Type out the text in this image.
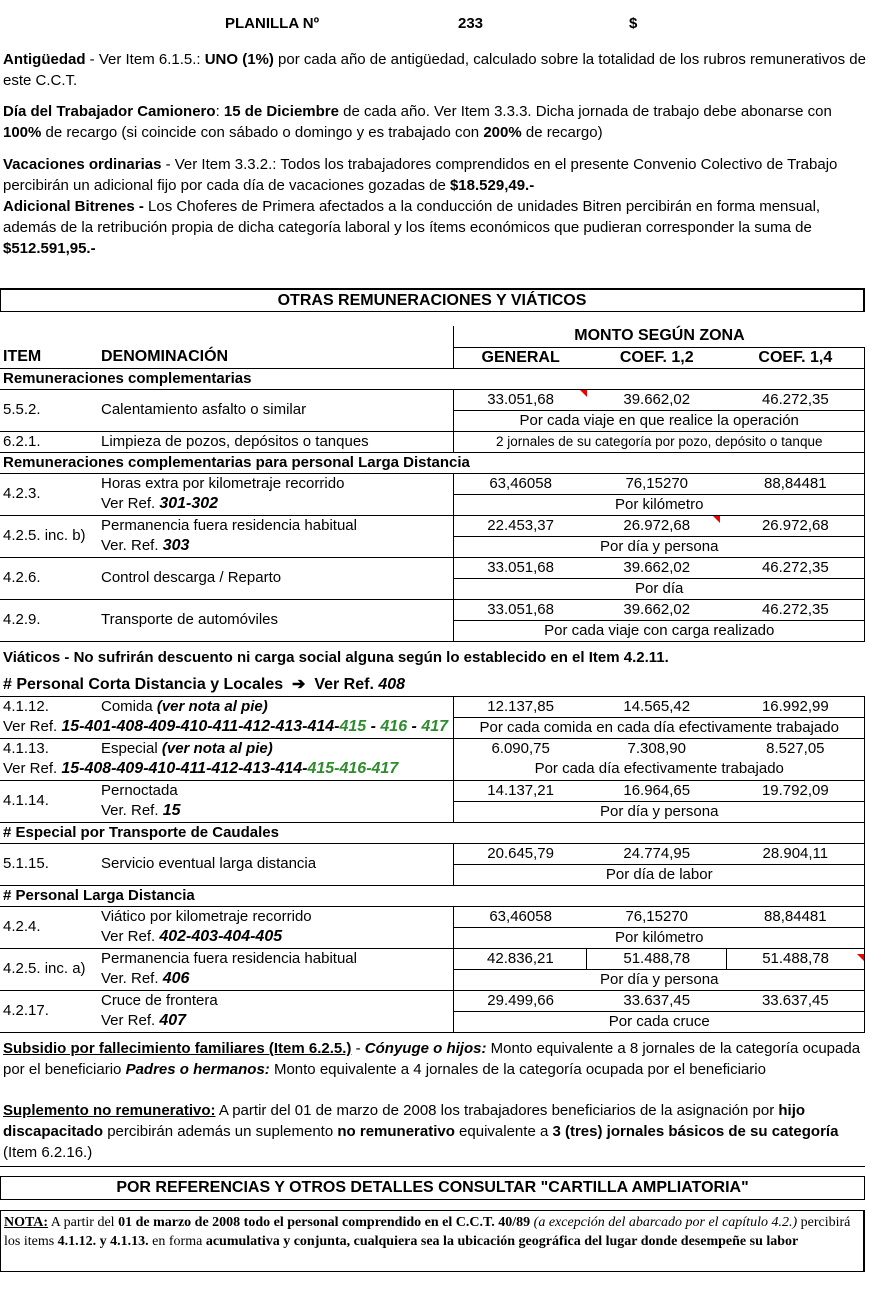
PLANILLA Nº	233	$
Antigüedad - Ver Item 6.1.5.: UNO (1%) por cada año de antigüedad, calculado sobre la totalidad de los rubros remunerativos de este C.C.T.
Día del Trabajador Camionero: 15 de Diciembre de cada año. Ver Item 3.3.3. Dicha jornada de trabajo debe abonarse con 100% de recargo (si coincide con sábado o domingo y es trabajado con 200% de recargo)
Vacaciones ordinarias - Ver Item 3.3.2.: Todos los trabajadores comprendidos en el presente Convenio Colectivo de Trabajo percibirán un adicional fijo por cada día de vacaciones gozadas de $18.529,49.-
Adicional Bitrenes - Los Choferes de Primera afectados a la conducción de unidades Bitren percibirán en forma mensual, además de la retribución propia de dicha categoría laboral y los ítems económicos que pudieran corresponder la suma de $512.591,95.-
OTRAS REMUNERACIONES Y VIÁTICOS
		MONTO SEGÚN ZONA		
ITEM	DENOMINACIÓN	GENERAL	COEF. 1,2	COEF. 1,4
Remuneraciones complementarias				
5.5.2.	Calentamiento asfalto o similar	33.051,68	39.662,02	46.272,35
		Por cada viaje en que realice la operación		
6.2.1.	Limpieza de pozos, depósitos o tanques	2 jornales de su categoría por pozo, depósito o tanque		
Remuneraciones complementarias para personal Larga Distancia				
4.2.3.	Horas extra por kilometraje recorrido	63,46058	76,15270	88,84481
	Ver Ref. 301-302	Por kilómetro		
4.2.5. inc. b)	Permanencia fuera residencia habitual	22.453,37	26.972,68	26.972,68
	Ver. Ref. 303	Por día y persona		
4.2.6.	Control descarga / Reparto	33.051,68	39.662,02	46.272,35
		Por día		
4.2.9.	Transporte de automóviles	33.051,68	39.662,02	46.272,35
		Por cada viaje con carga realizado		
Viáticos - No sufrirán descuento ni carga social alguna según lo establecido en el Item 4.2.11.				
# Personal Corta Distancia y Locales ➔ Ver Ref. 408				
4.1.12.	Comida (ver nota al pie)	12.137,85	14.565,42	16.992,99
Ver Ref. 15-401-408-409-410-411-412-413-414-415 - 416 - 417		Por cada comida en cada día efectivamente trabajado		
4.1.13.	Especial (ver nota al pie)	6.090,75	7.308,90	8.527,05
Ver Ref. 15-408-409-410-411-412-413-414-415-416-417		Por cada día efectivamente trabajado		
4.1.14.	Pernoctada	14.137,21	16.964,65	19.792,09
	Ver. Ref. 15	Por día y persona		
# Especial por Transporte de Caudales				
5.1.15.	Servicio eventual larga distancia	20.645,79	24.774,95	28.904,11
		Por día de labor		
# Personal Larga Distancia				
4.2.4.	Viático por kilometraje recorrido	63,46058	76,15270	88,84481
	Ver Ref. 402-403-404-405	Por kilómetro		
4.2.5. inc. a)	Permanencia fuera residencia habitual	42.836,21	51.488,78	51.488,78
	Ver. Ref. 406	Por día y persona		
4.2.17.	Cruce de frontera	29.499,66	33.637,45	33.637,45
	Ver Ref. 407	Por cada cruce		
Subsidio por fallecimiento familiares (Item 6.2.5.) - Cónyuge o hijos: Monto equivalente a 8 jornales de la categoría ocupada por el beneficiario Padres o hermanos: Monto equivalente a 4 jornales de la categoría ocupada por el beneficiario
Suplemento no remunerativo: A partir del 01 de marzo de 2008 los trabajadores beneficiarios de la asignación por hijo discapacitado percibirán además un suplemento no remunerativo equivalente a 3 (tres) jornales básicos de su categoría (Item 6.2.16.)
POR REFERENCIAS Y OTROS DETALLES CONSULTAR "CARTILLA AMPLIATORIA"
NOTA: A partir del 01 de marzo de 2008 todo el personal comprendido en el C.C.T. 40/89 (a excepción del abarcado por el capítulo 4.2.) percibirá los items 4.1.12. y 4.1.13. en forma acumulativa y conjunta, cualquiera sea la ubicación geográfica del lugar donde desempeñe su labor
